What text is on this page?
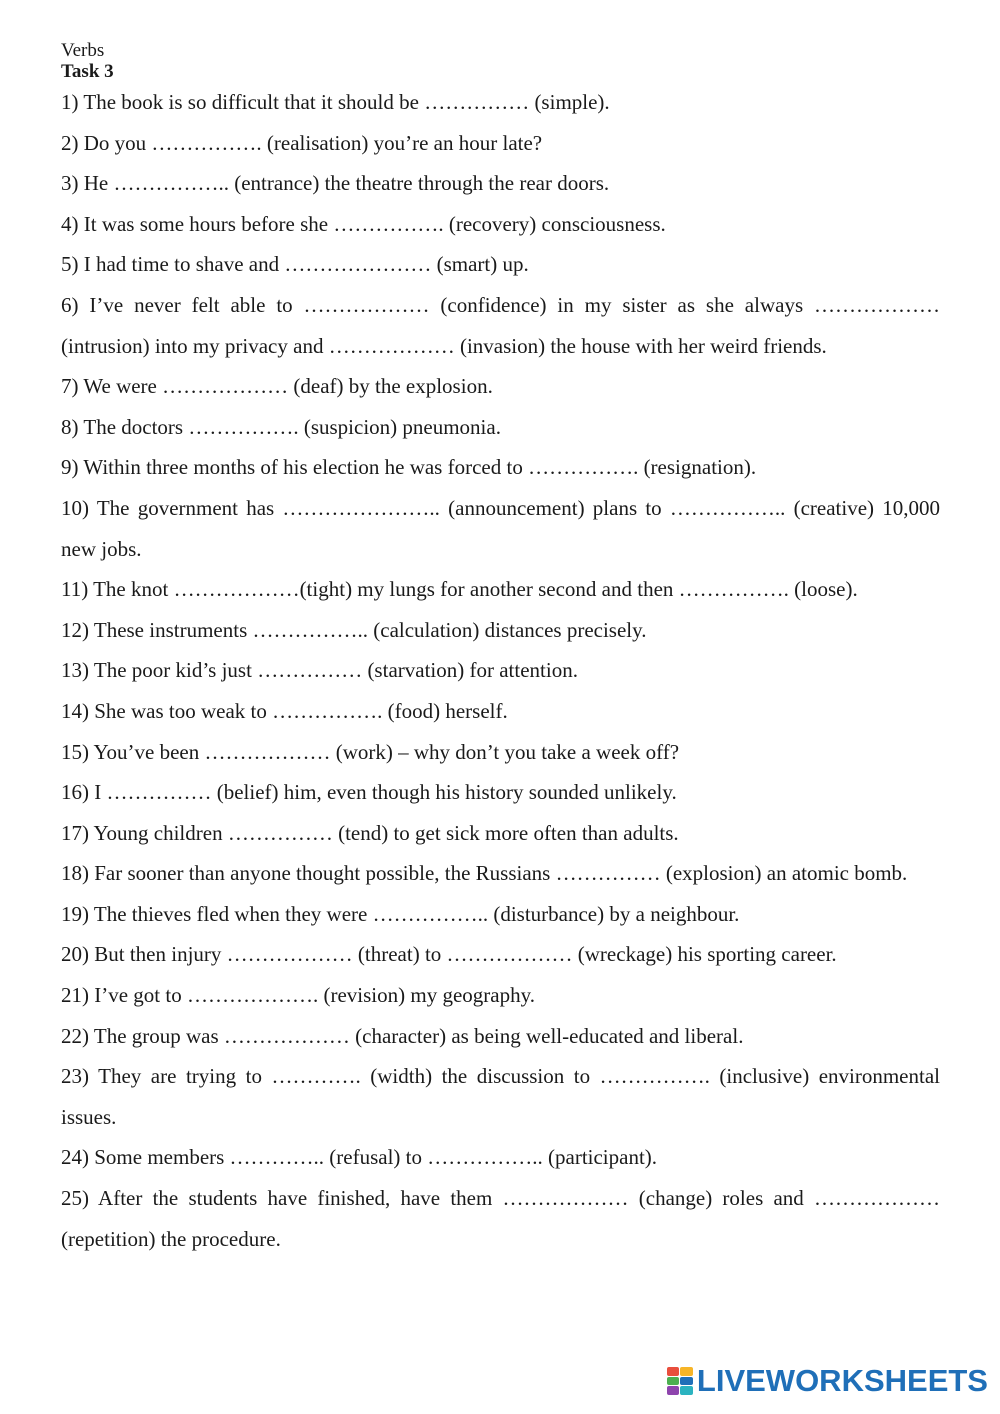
Verbs
Task 3
1) The book is so difficult that it should be …………… (simple).
2) Do you ……………. (realisation) you’re an hour late?
3) He …………….. (entrance) the theatre through the rear doors.
4) It was some hours before she ……………. (recovery) consciousness.
5) I had time to shave and ………………… (smart) up.
6) I’ve never felt able to ……………… (confidence) in my sister as she always ……………… (intrusion) into my privacy and ……………… (invasion) the house with her weird friends.
7) We were ……………… (deaf) by the explosion.
8) The doctors ……………. (suspicion) pneumonia.
9) Within three months of his election he was forced to ……………. (resignation).
10) The government has ………………….. (announcement) plans to …………….. (creative) 10,000 new jobs.
11) The knot ………………(tight) my lungs for another second and then ……………. (loose).
12) These instruments …………….. (calculation) distances precisely.
13) The poor kid’s just …………… (starvation) for attention.
14) She was too weak to ……………. (food) herself.
15) You’ve been ……………… (work) – why don’t you take a week off?
16) I …………… (belief) him, even though his history sounded unlikely.
17) Young children …………… (tend) to get sick more often than adults.
18) Far sooner than anyone thought possible, the Russians …………… (explosion) an atomic bomb.
19) The thieves fled when they were …………….. (disturbance) by a neighbour.
20) But then injury ……………… (threat) to ……………… (wreckage) his sporting career.
21) I’ve got to ………………. (revision) my geography.
22) The group was ……………… (character) as being well-educated and liberal.
23) They are trying to …………. (width) the discussion to ……………. (inclusive) environmental issues.
24) Some members ………….. (refusal) to …………….. (participant).
25) After the students have finished, have them ……………… (change) roles and ……………… (repetition) the procedure.
LIVEWORKSHEETS
